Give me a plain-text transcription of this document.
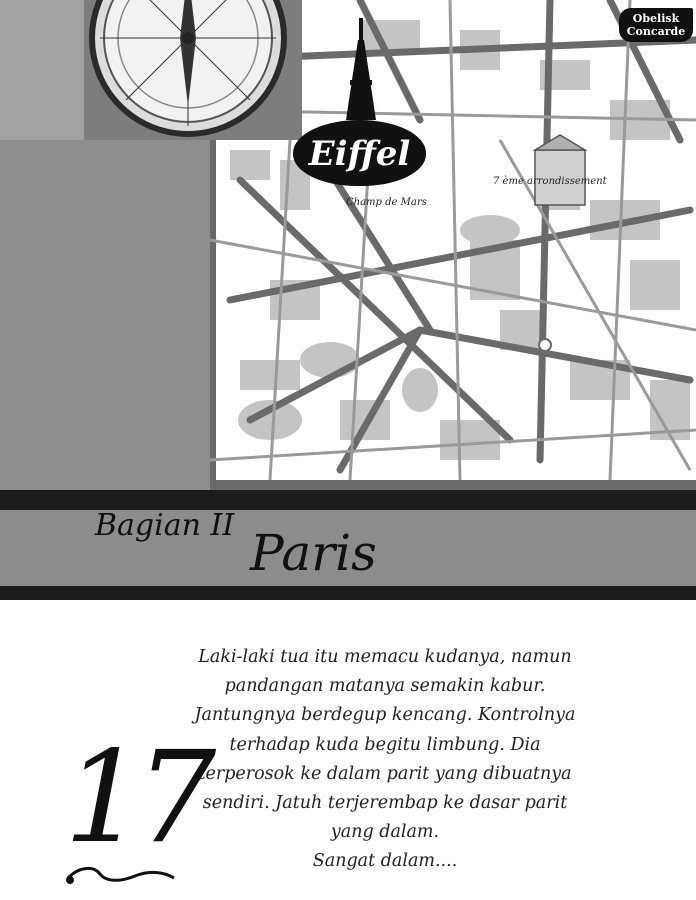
Champ de Mars
7 ème arrondissement
Obelisk
Concarde
Eiffel
Bagian II Paris
Laki-laki tua itu memacu kudanya, namun
pandangan matanya semakin kabur.
Jantungnya berdegup kencang. Kontrolnya
terhadap kuda begitu limbung. Dia
terperosok ke dalam parit yang dibuatnya
sendiri. Jatuh terjerembap ke dasar parit
yang dalam.
Sangat dalam....
17
